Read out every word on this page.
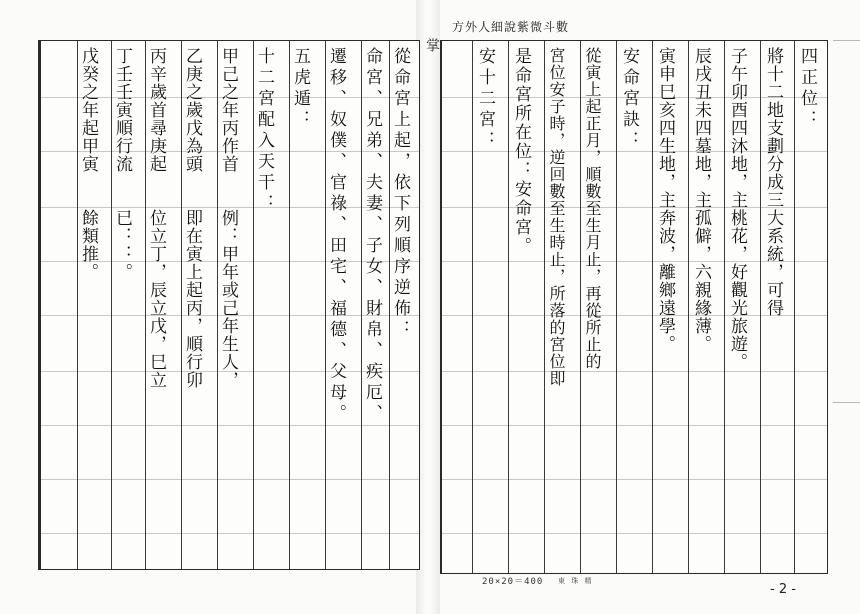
方外人細說紫微斗數
掌
從命宮上起，依下列順序逆佈：
命宮、兄弟、夫妻、子女、財帛、疾厄、
遷移、奴僕、官祿、田宅、福德、父母。
五虎遁：
十二宮配入天干：
甲己之年丙作首　　例：甲年或己年生人，
乙庚之歲戊為頭　　即在寅上起丙，順行卯
丙辛歲首尋庚起　　位立丁，辰立戊，巳立
丁壬壬寅順行流　　已：：。
戊癸之年起甲寅　　餘類推。	四正位：
將十二地支劃分成三大系統，可得
子午卯酉四沐地，主桃花，好觀光旅遊。
辰戌丑未四墓地，主孤僻，六親緣薄。
寅申巳亥四生地，主奔波，離鄉遠學。
安命宮訣：
從寅上起正月，順數至生月止，再從所止的
宮位安子時，逆回數至生時止，所落的宮位即
是命宮所在位：安命宮。
安十二宮：
20×20＝400 東 珠 精
- 2 -
